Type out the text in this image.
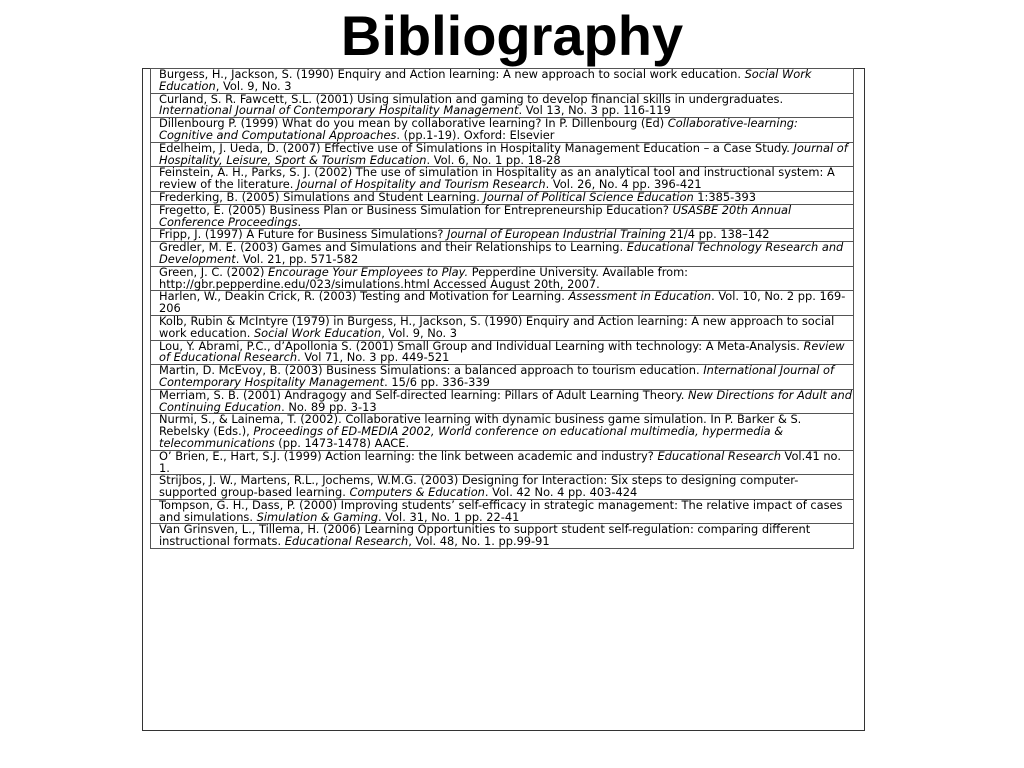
Bibliography
Burgess, H., Jackson, S. (1990) Enquiry and Action learning: A new approach to social work education. Social Work Education, Vol. 9, No. 3
Curland, S. R. Fawcett, S.L. (2001) Using simulation and gaming to develop financial skills in undergraduates. International Journal of Contemporary Hospitality Management. Vol 13, No. 3 pp. 116-119
Dillenbourg P. (1999) What do you mean by collaborative learning? In P. Dillenbourg (Ed) Collaborative-learning: Cognitive and Computational Approaches. (pp.1-19). Oxford: Elsevier
Edelheim, J. Ueda, D. (2007) Effective use of Simulations in Hospitality Management Education – a Case Study. Journal of Hospitality, Leisure, Sport & Tourism Education. Vol. 6, No. 1 pp. 18-28
Feinstein, A. H., Parks, S. J. (2002) The use of simulation in Hospitality as an analytical tool and instructional system: A review of the literature. Journal of Hospitality and Tourism Research. Vol. 26, No. 4 pp. 396-421
Frederking, B. (2005) Simulations and Student Learning. Journal of Political Science Education 1:385-393
Fregetto, E. (2005) Business Plan or Business Simulation for Entrepreneurship Education? USASBE 20th Annual Conference Proceedings.
Fripp, J. (1997) A Future for Business Simulations? Journal of European Industrial Training 21/4 pp. 138–142
Gredler, M. E. (2003) Games and Simulations and their Relationships to Learning. Educational Technology Research and Development. Vol. 21, pp. 571-582
Green, J. C. (2002) Encourage Your Employees to Play. Pepperdine University. Available from: http://gbr.pepperdine.edu/023/simulations.html Accessed August 20th, 2007.
Harlen, W., Deakin Crick, R. (2003) Testing and Motivation for Learning. Assessment in Education. Vol. 10, No. 2 pp. 169-206
Kolb, Rubin & McIntyre (1979) in Burgess, H., Jackson, S. (1990) Enquiry and Action learning: A new approach to social work education. Social Work Education, Vol. 9, No. 3
Lou, Y. Abrami, P.C., d’Apollonia S. (2001) Small Group and Individual Learning with technology: A Meta-Analysis. Review of Educational Research. Vol 71, No. 3 pp. 449-521
Martin, D. McEvoy, B. (2003) Business Simulations: a balanced approach to tourism education. International Journal of Contemporary Hospitality Management. 15/6 pp. 336-339
Merriam, S. B. (2001) Andragogy and Self-directed learning: Pillars of Adult Learning Theory. New Directions for Adult and Continuing Education. No. 89 pp. 3-13
Nurmi, S., & Lainema, T. (2002). Collaborative learning with dynamic business game simulation. In P. Barker & S. Rebelsky (Eds.), Proceedings of ED-MEDIA 2002, World conference on educational multimedia, hypermedia & telecommunications (pp. 1473-1478) AACE.
O’ Brien, E., Hart, S.J. (1999) Action learning: the link between academic and industry? Educational Research Vol.41 no. 1.
Strijbos, J. W., Martens, R.L., Jochems, W.M.G. (2003) Designing for Interaction: Six steps to designing computer-supported group-based learning. Computers & Education. Vol. 42 No. 4 pp. 403-424
Tompson, G. H., Dass, P. (2000) Improving students’ self-efficacy in strategic management: The relative impact of cases and simulations. Simulation & Gaming. Vol. 31, No. 1 pp. 22-41
Van Grinsven, L., Tillema, H. (2006) Learning Opportunities to support student self-regulation: comparing different instructional formats. Educational Research, Vol. 48, No. 1. pp.99-91
